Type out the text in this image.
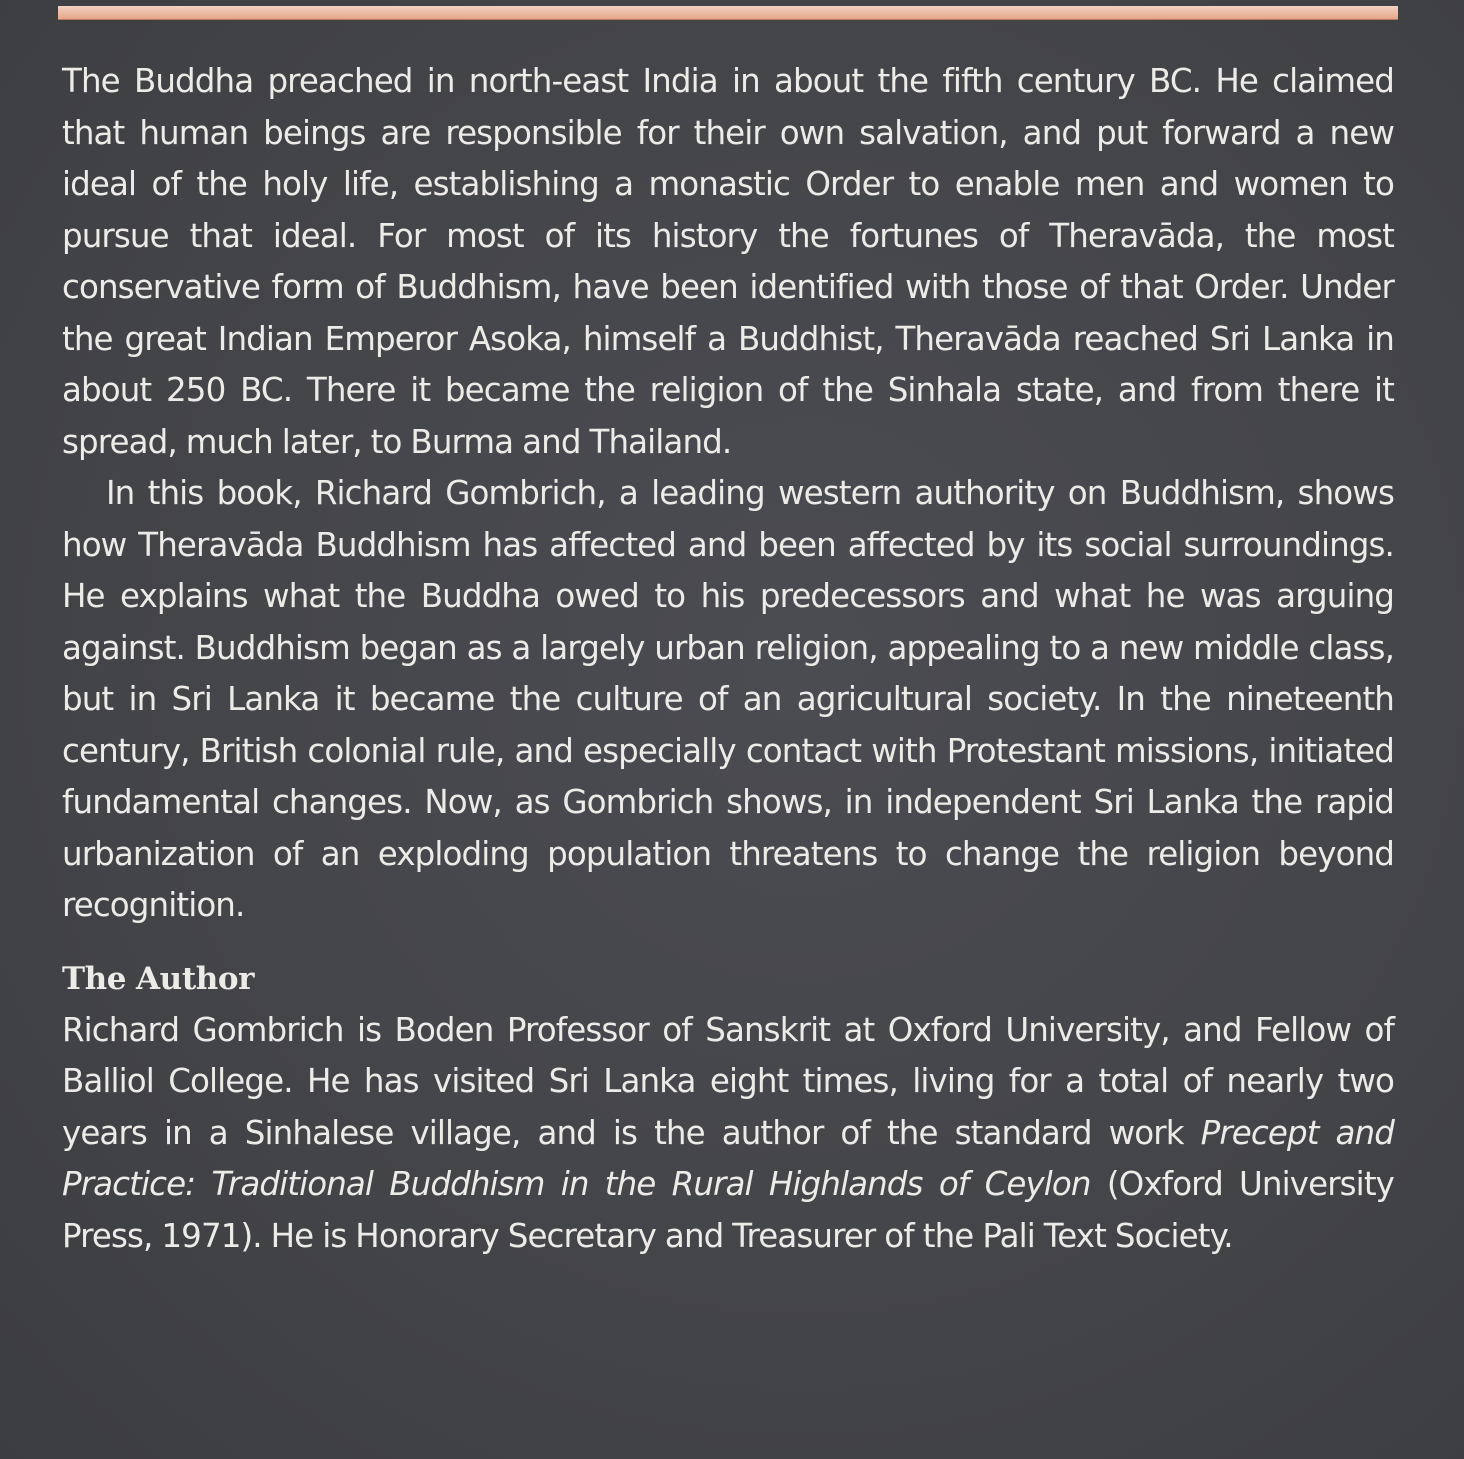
The Buddha preached in north-east India in about the fifth century BC. He claimed that human beings are responsible for their own salvation, and put forward a new ideal of the holy life, establishing a monastic Order to enable men and women to pursue that ideal. For most of its history the fortunes of Theravāda, the most conservative form of Buddhism, have been identified with those of that Order. Under the great Indian Emperor Asoka, himself a Buddhist, Theravāda reached Sri Lanka in about 250 BC. There it became the religion of the Sinhala state, and from there it spread, much later, to Burma and Thailand.

In this book, Richard Gombrich, a leading western authority on Buddhism, shows how Theravāda Buddhism has affected and been affected by its social surroundings. He explains what the Buddha owed to his predecessors and what he was arguing against. Buddhism began as a largely urban religion, appealing to a new middle class, but in Sri Lanka it became the culture of an agricultural society. In the nineteenth century, British colonial rule, and especially contact with Protestant missions, initiated fundamental changes. Now, as Gombrich shows, in independent Sri Lanka the rapid urbanization of an exploding population threatens to change the religion beyond recognition.

The Author

Richard Gombrich is Boden Professor of Sanskrit at Oxford University, and Fellow of Balliol College. He has visited Sri Lanka eight times, living for a total of nearly two years in a Sinhalese village, and is the author of the standard work Precept and Practice: Traditional Buddhism in the Rural Highlands of Ceylon (Oxford University Press, 1971). He is Honorary Secretary and Treasurer of the Pali Text Society.
